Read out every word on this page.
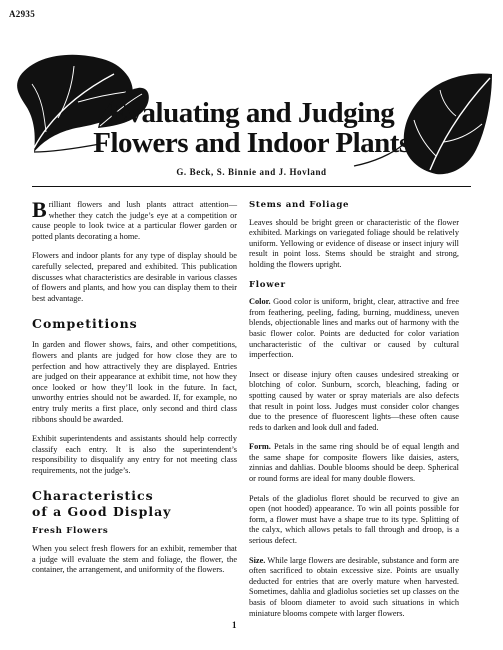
A2935
Evaluating and Judging
Flowers and Indoor Plants
G. Beck, S. Binnie and J. Hovland

Brilliant flowers and lush plants attract attention—whether they catch the judge’s eye at a competition or cause people to look twice at a particular flower garden or potted plants decorating a home.

Flowers and indoor plants for any type of display should be carefully selected, prepared and exhibited. This publication discusses what characteristics are desirable in various classes of flowers and plants, and how you can display them to their best advantage.

Competitions

In garden and flower shows, fairs, and other competitions, flowers and plants are judged for how close they are to perfection and how attractively they are displayed. Entries are judged on their appearance at exhibit time, not how they once looked or how they’ll look in the future. In fact, unworthy entries should not be awarded. If, for example, no entry truly merits a first place, only second and third class ribbons should be awarded.

Exhibit superintendents and assistants should help correctly classify each entry. It is also the superintendent’s responsibility to disqualify any entry for not meeting class requirements, not the judge’s.

Characteristics
of a Good Display
Fresh Flowers

When you select fresh flowers for an exhibit, remember that a judge will evaluate the stem and foliage, the flower, the container, the arrangement, and uniformity of the flowers.

Stems and Foliage

Leaves should be bright green or characteristic of the flower exhibited. Markings on variegated foliage should be relatively uniform. Yellowing or evidence of disease or insect injury will result in point loss. Stems should be straight and strong, holding the flowers upright.

Flower

Color. Good color is uniform, bright, clear, attractive and free from feathering, peeling, fading, burning, muddiness, uneven blends, objectionable lines and marks out of harmony with the basic flower color. Points are deducted for color variation uncharacteristic of the cultivar or caused by cultural imperfection.

Insect or disease injury often causes undesired streaking or blotching of color. Sunburn, scorch, bleaching, fading or spotting caused by water or spray materials are also defects that result in point loss. Judges must consider color changes due to the presence of fluorescent lights—these often cause reds to darken and look dull and faded.

Form. Petals in the same ring should be of equal length and the same shape for composite flowers like daisies, asters, zinnias and dahlias. Double blooms should be deep. Spherical or round forms are ideal for many double flowers.

Petals of the gladiolus floret should be recurved to give an open (not hooded) appearance. To win all points possible for form, a flower must have a shape true to its type. Splitting of the calyx, which allows petals to fall through and droop, is a serious defect.

Size. While large flowers are desirable, substance and form are often sacrificed to obtain excessive size. Points are usually deducted for entries that are overly mature when harvested. Sometimes, dahlia and gladiolus societies set up classes on the basis of bloom diameter to avoid such situations in which miniature blooms compete with larger flowers.

1
